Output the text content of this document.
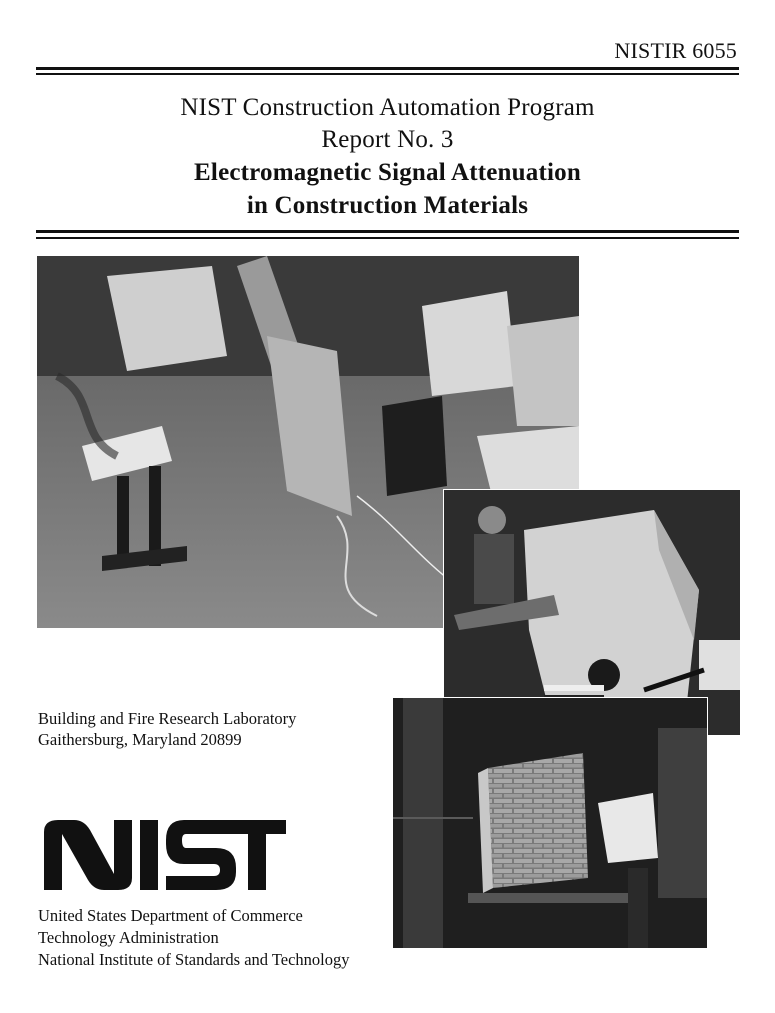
NISTIR 6055
NIST Construction Automation Program
Report No. 3
Electromagnetic Signal Attenuation
in Construction Materials
Building and Fire Research Laboratory
Gaithersburg, Maryland 20899
United States Department of Commerce
Technology Administration
National Institute of Standards and Technology
